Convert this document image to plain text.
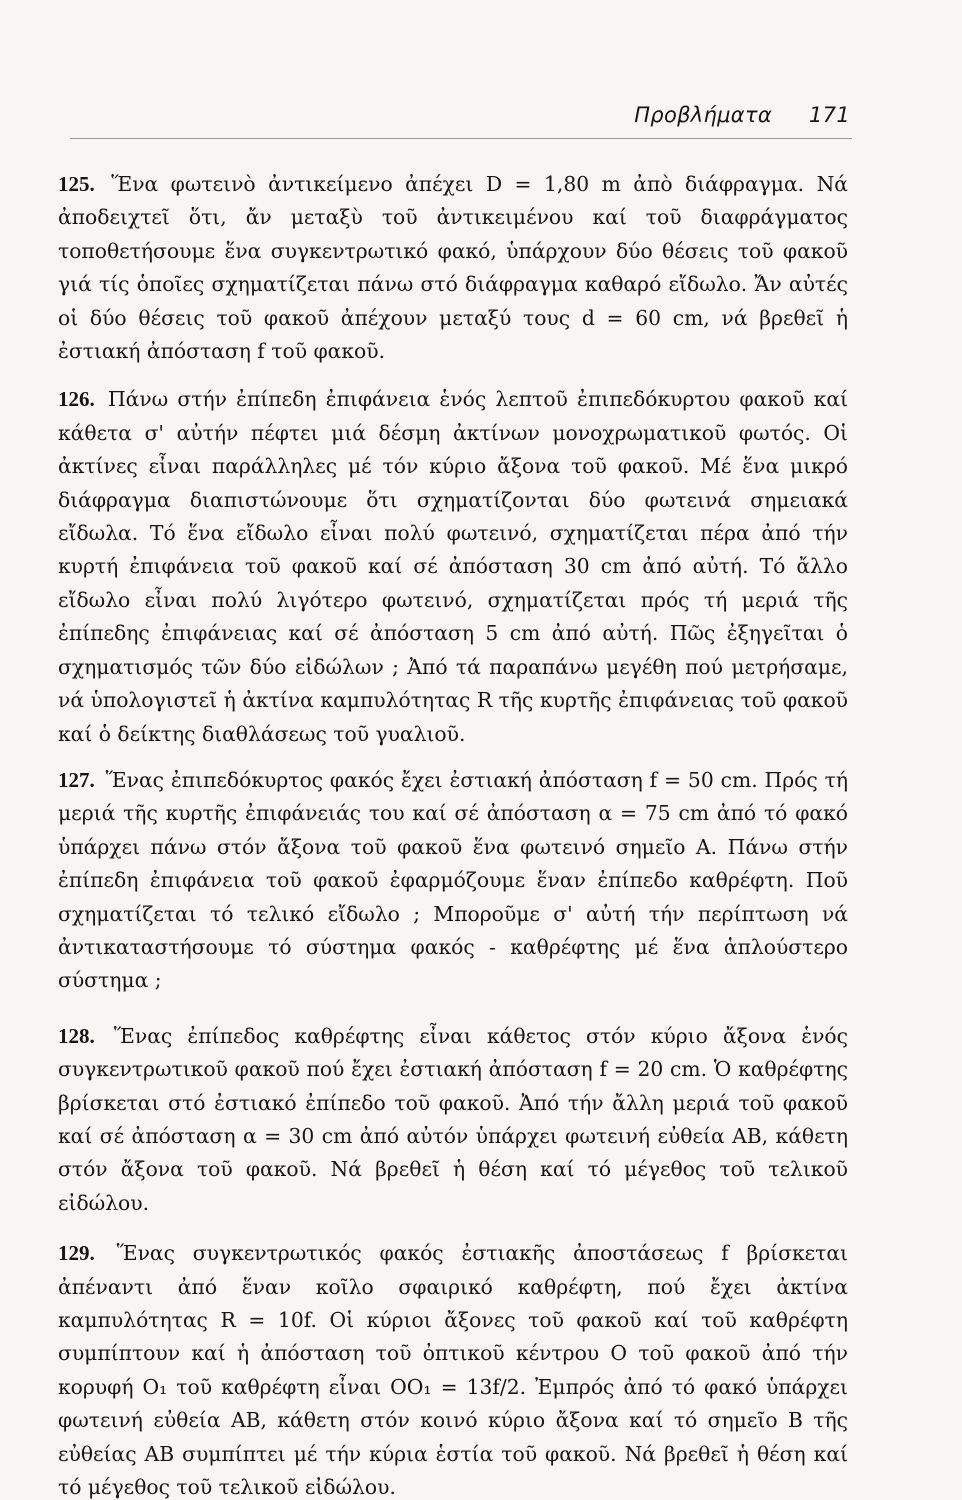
Προβλήματα 171

125. Ἕνα φωτεινὸ ἀντικείμενο ἀπέχει D = 1,80 m ἀπὸ διάφραγμα. Νά ἀποδειχτεῖ ὅτι, ἄν μεταξὺ τοῦ ἀντικειμένου καί τοῦ διαφράγματος τοποθετήσουμε ἕνα συγκεντρωτικό φακό, ὑπάρχουν δύο θέσεις τοῦ φακοῦ γιά τίς ὁποῖες σχηματίζεται πάνω στό διάφραγμα καθαρό εἴδωλο. Ἄν αὐτές οἱ δύο θέσεις τοῦ φακοῦ ἀπέχουν μεταξύ τους d = 60 cm, νά βρεθεῖ ἡ ἐστιακή ἀπόσταση f τοῦ φακοῦ.

126. Πάνω στήν ἐπίπεδη ἐπιφάνεια ἑνός λεπτοῦ ἐπιπεδόκυρτου φακοῦ καί κάθετα σ' αὐτήν πέφτει μιά δέσμη ἀκτίνων μονοχρωματικοῦ φωτός. Οἱ ἀκτίνες εἶναι παράλληλες μέ τόν κύριο ἄξονα τοῦ φακοῦ. Μέ ἕνα μικρό διάφραγμα διαπιστώνουμε ὅτι σχηματίζονται δύο φωτεινά σημειακά εἴδωλα. Τό ἕνα εἴδωλο εἶναι πολύ φωτεινό, σχηματίζεται πέρα ἀπό τήν κυρτή ἐπιφάνεια τοῦ φακοῦ καί σέ ἀπόσταση 30 cm ἀπό αὐτή. Τό ἄλλο εἴδωλο εἶναι πολύ λιγότερο φωτεινό, σχηματίζεται πρός τή μεριά τῆς ἐπίπεδης ἐπιφάνειας καί σέ ἀπόσταση 5 cm ἀπό αὐτή. Πῶς ἐξηγεῖται ὁ σχηματισμός τῶν δύο εἰδώλων ; Ἀπό τά παραπάνω μεγέθη πού μετρήσαμε, νά ὑπολογιστεῖ ἡ ἀκτίνα καμπυλότητας R τῆς κυρτῆς ἐπιφάνειας τοῦ φακοῦ καί ὁ δείκτης διαθλάσεως τοῦ γυαλιοῦ.

127. Ἕνας ἐπιπεδόκυρτος φακός ἔχει ἐστιακή ἀπόσταση f = 50 cm. Πρός τή μεριά τῆς κυρτῆς ἐπιφάνειάς του καί σέ ἀπόσταση α = 75 cm ἀπό τό φακό ὑπάρχει πάνω στόν ἄξονα τοῦ φακοῦ ἕνα φωτεινό σημεῖο Α. Πάνω στήν ἐπίπεδη ἐπιφάνεια τοῦ φακοῦ ἐφαρμόζουμε ἕναν ἐπίπεδο καθρέφτη. Ποῦ σχηματίζεται τό τελικό εἴδωλο ; Μποροῦμε σ' αὐτή τήν περίπτωση νά ἀντικαταστήσουμε τό σύστημα φακός - καθρέφτης μέ ἕνα ἁπλούστερο σύστημα ;

128. Ἕνας ἐπίπεδος καθρέφτης εἶναι κάθετος στόν κύριο ἄξονα ἑνός συγκεντρωτικοῦ φακοῦ πού ἔχει ἐστιακή ἀπόσταση f = 20 cm. Ὁ καθρέφτης βρίσκεται στό ἐστιακό ἐπίπεδο τοῦ φακοῦ. Ἀπό τήν ἄλλη μεριά τοῦ φακοῦ καί σέ ἀπόσταση α = 30 cm ἀπό αὐτόν ὑπάρχει φωτεινή εὐθεία ΑΒ, κάθετη στόν ἄξονα τοῦ φακοῦ. Νά βρεθεῖ ἡ θέση καί τό μέγεθος τοῦ τελικοῦ εἰδώλου.

129. Ἕνας συγκεντρωτικός φακός ἐστιακῆς ἀποστάσεως f βρίσκεται ἀπέναντι ἀπό ἕναν κοῖλο σφαιρικό καθρέφτη, πού ἔχει ἀκτίνα καμπυλότητας R = 10f. Οἱ κύριοι ἄξονες τοῦ φακοῦ καί τοῦ καθρέφτη συμπίπτουν καί ἡ ἀπόσταση τοῦ ὀπτικοῦ κέντρου Ο τοῦ φακοῦ ἀπό τήν κορυφή Ο₁ τοῦ καθρέφτη εἶναι ΟΟ₁ = 13f/2. Ἐμπρός ἀπό τό φακό ὑπάρχει φωτεινή εὐθεία ΑΒ, κάθετη στόν κοινό κύριο ἄξονα καί τό σημεῖο Β τῆς εὐθείας ΑΒ συμπίπτει μέ τήν κύρια ἑστία τοῦ φακοῦ. Νά βρεθεῖ ἡ θέση καί τό μέγεθος τοῦ τελικοῦ εἰδώλου.
